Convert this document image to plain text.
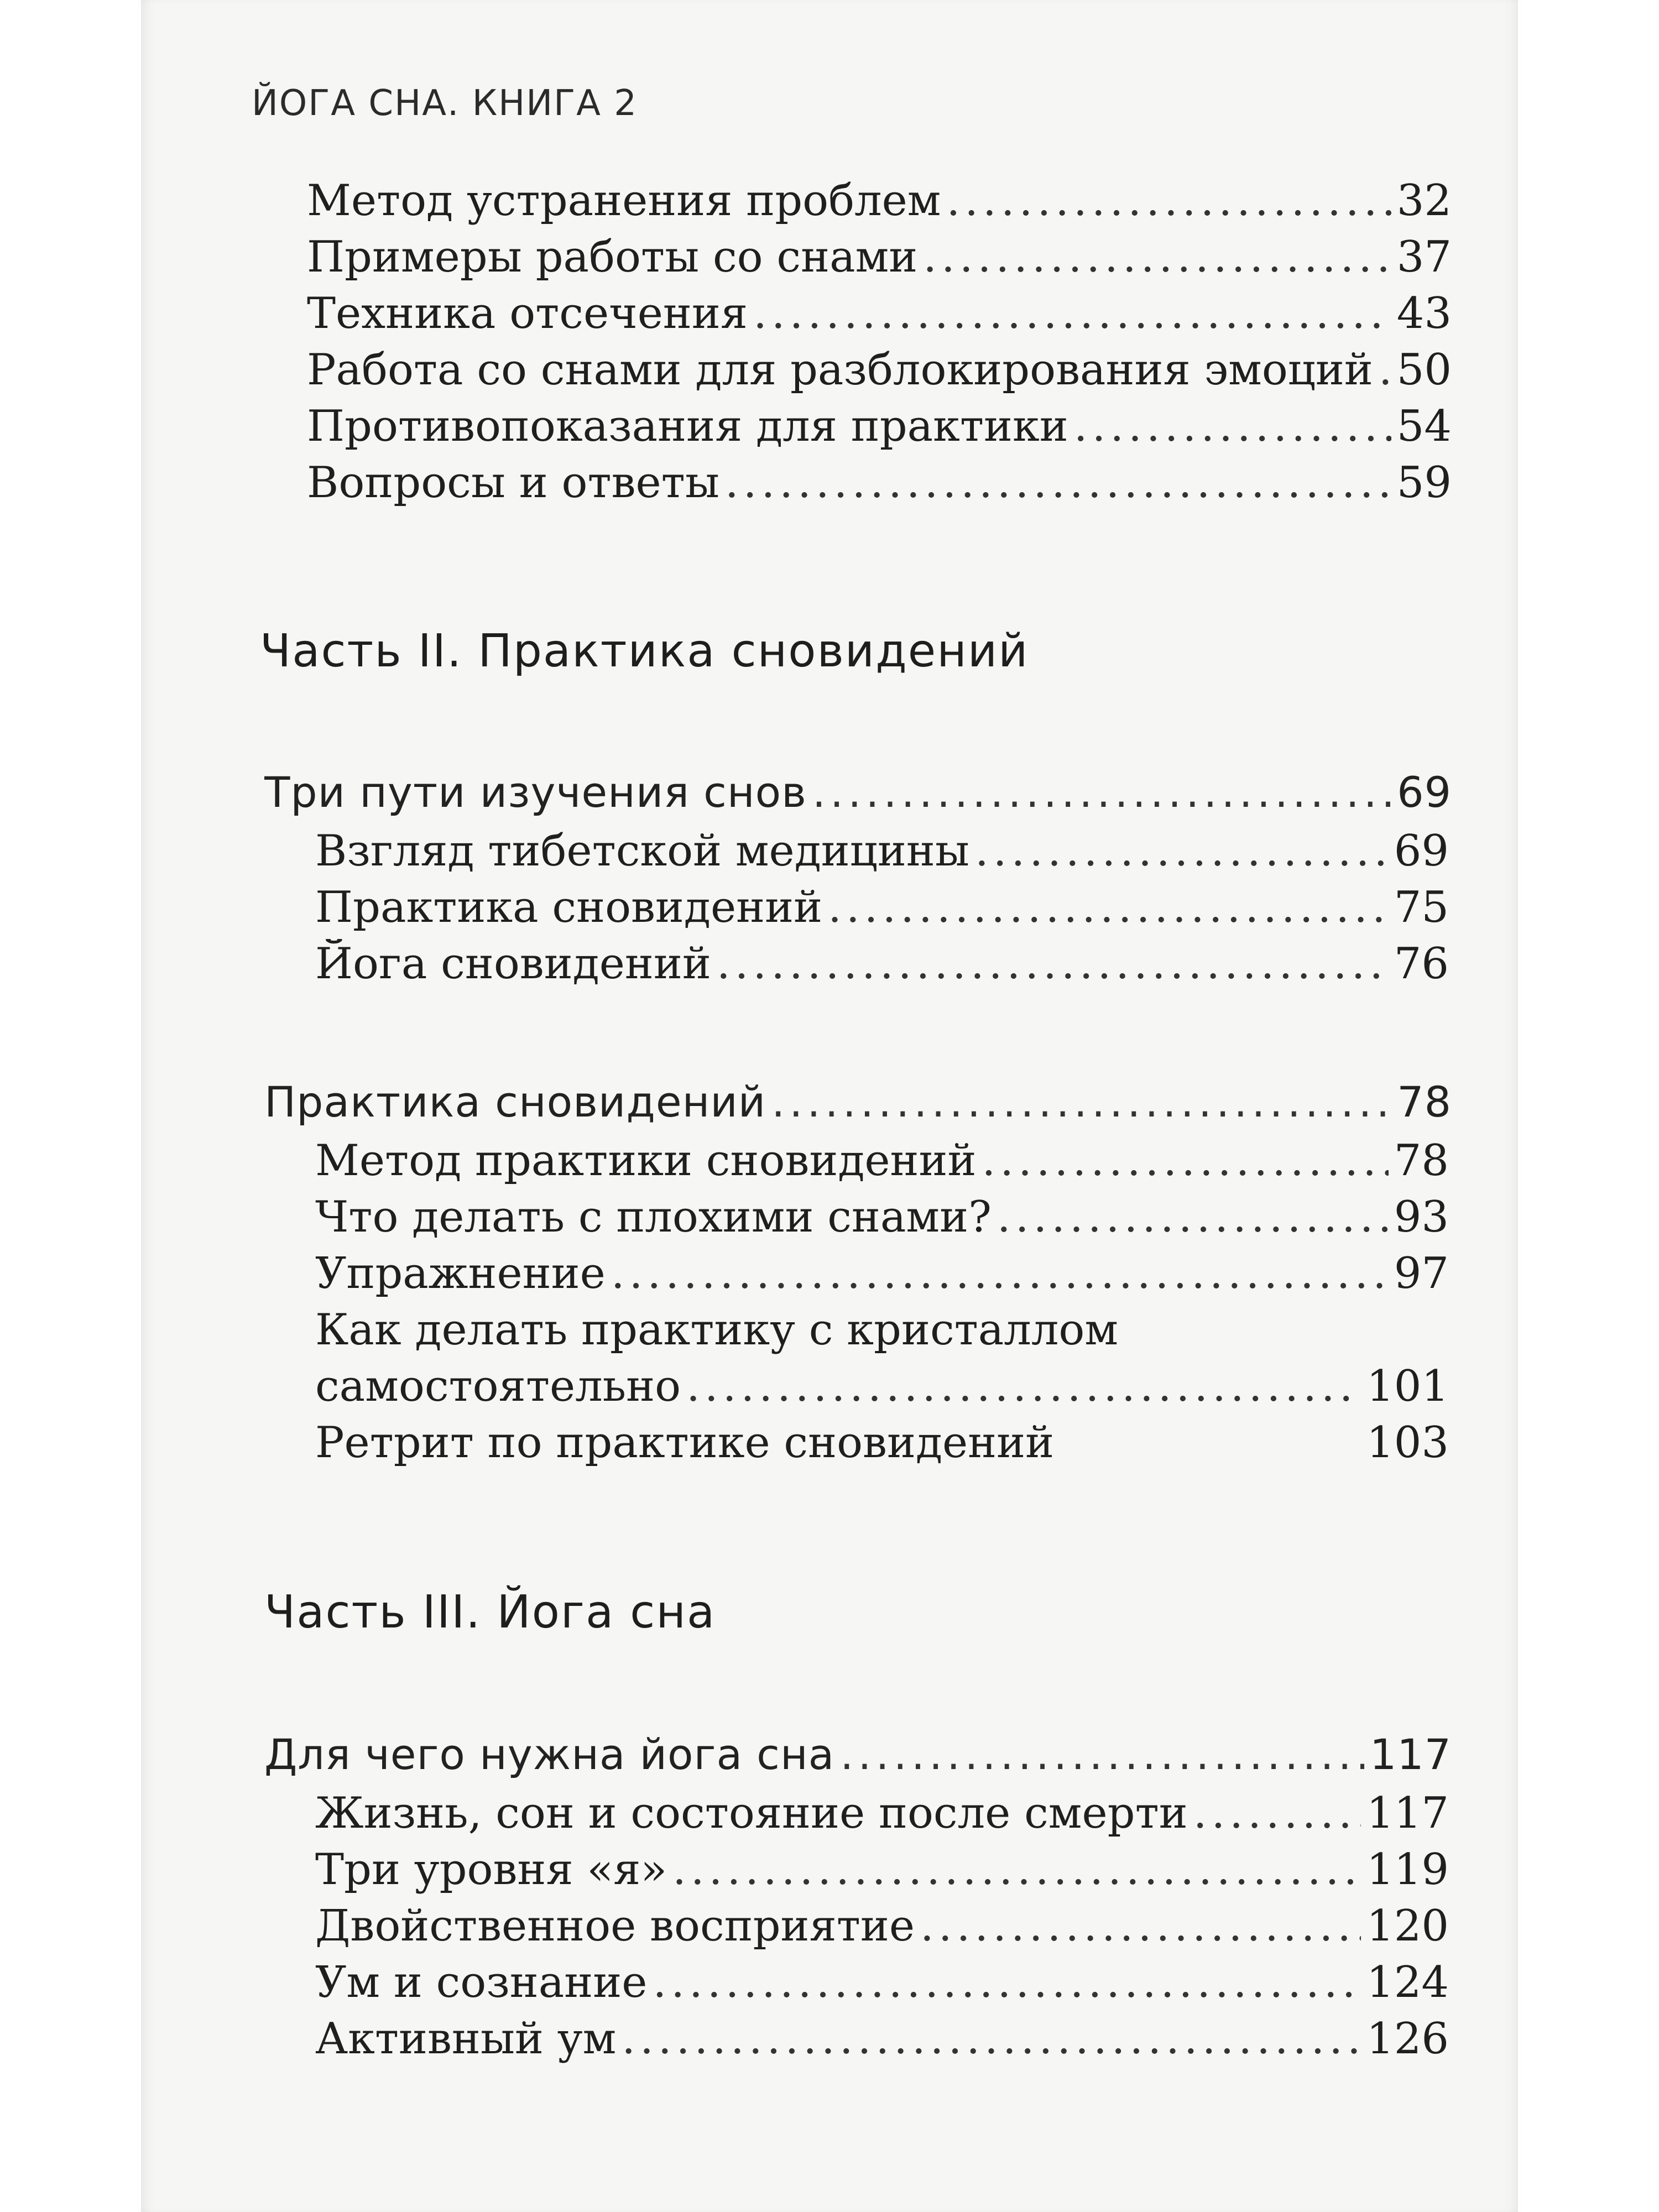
ЙОГА СНА. КНИГА 2
Метод устранения проблем .....	32
Примеры работы со снами .....	37
Техника отсечения .....	43
Работа со снами для разблокирования эмоций ..... 50
Противопоказания для практики .....	54
Вопросы и ответы .....	59
Часть II. Практика сновидений
Три пути изучения снов .....	69
Взгляд тибетской медицины .....	69
Практика сновидений .....	75
Йога сновидений .....	76
Практика сновидений .....	78
Метод практики сновидений .....	78
Что делать с плохими снами? .....	93
Упражнение .....	97
Как делать практику с кристаллом
самостоятельно .....	101
Ретрит по практике сновидений	103
Часть III. Йога сна
Для чего нужна йога сна .....	117
Жизнь, сон и состояние после смерти .....	117
Три уровня «я» .....	119
Двойственное восприятие .....	120
Ум и сознание .....	124
Активный ум .....	126
